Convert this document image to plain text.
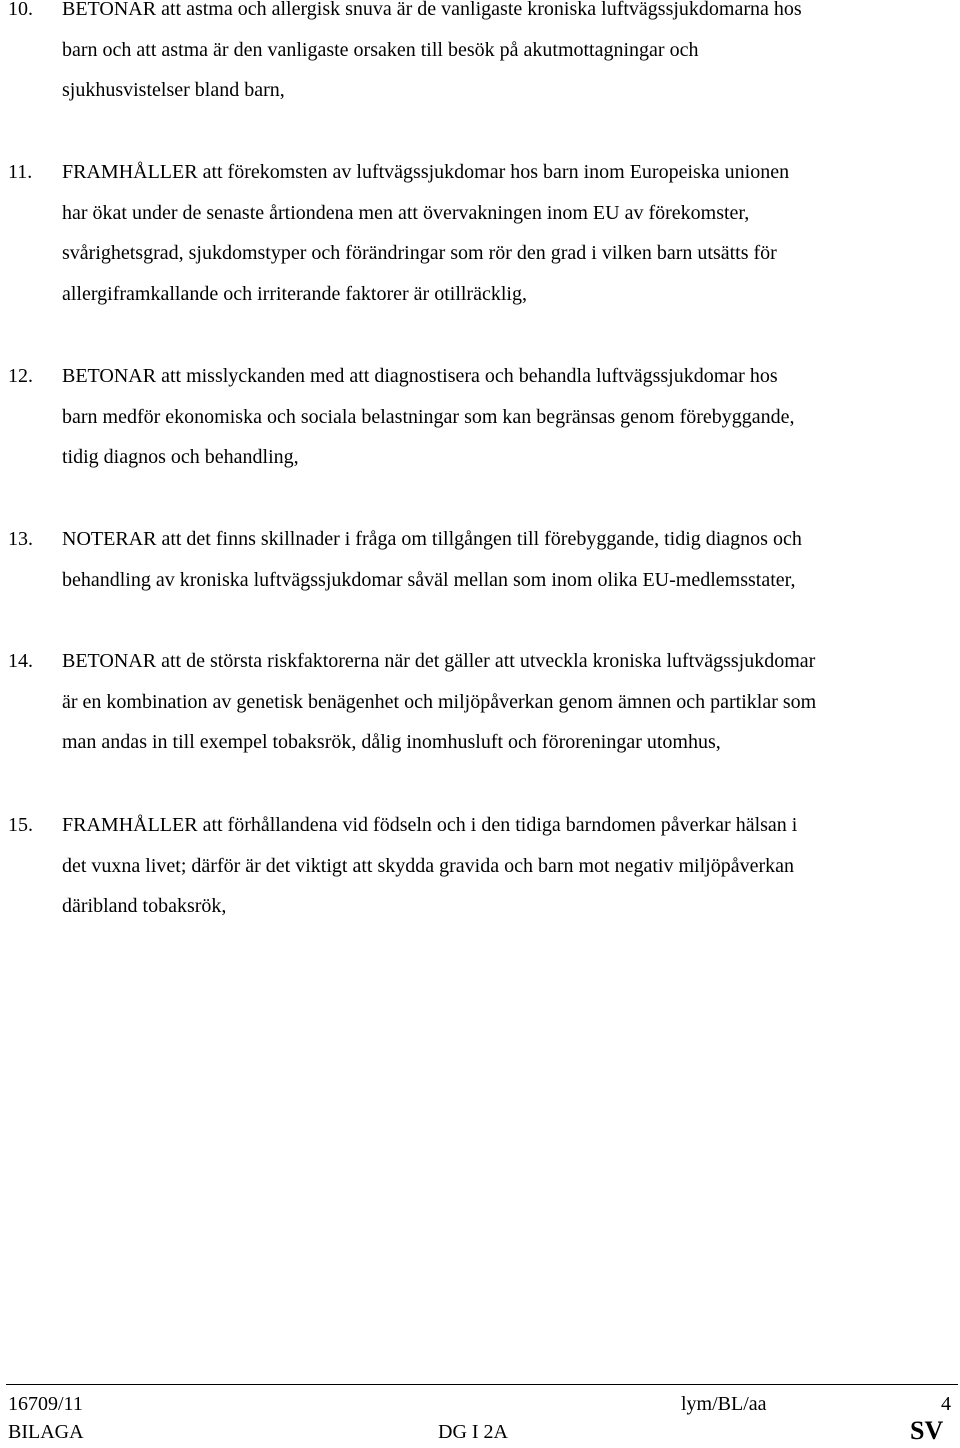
10. BETONAR att astma och allergisk snuva är de vanligaste kroniska luftvägssjukdomarna hos
barn och att astma är den vanligaste orsaken till besök på akutmottagningar och
sjukhusvistelser bland barn,
11. FRAMHÅLLER att förekomsten av luftvägssjukdomar hos barn inom Europeiska unionen
har ökat under de senaste årtiondena men att övervakningen inom EU av förekomster,
svårighetsgrad, sjukdomstyper och förändringar som rör den grad i vilken barn utsätts för
allergiframkallande och irriterande faktorer är otillräcklig,
12. BETONAR att misslyckanden med att diagnostisera och behandla luftvägssjukdomar hos
barn medför ekonomiska och sociala belastningar som kan begränsas genom förebyggande,
tidig diagnos och behandling,
13. NOTERAR att det finns skillnader i fråga om tillgången till förebyggande, tidig diagnos och
behandling av kroniska luftvägssjukdomar såväl mellan som inom olika EU-medlemsstater,
14. BETONAR att de största riskfaktorerna när det gäller att utveckla kroniska luftvägssjukdomar
är en kombination av genetisk benägenhet och miljöpåverkan genom ämnen och partiklar som
man andas in till exempel tobaksrök, dålig inomhusluft och föroreningar utomhus,
15. FRAMHÅLLER att förhållandena vid födseln och i den tidiga barndomen påverkar hälsan i
det vuxna livet; därför är det viktigt att skydda gravida och barn mot negativ miljöpåverkan
däribland tobaksrök,
16709/11	lym/BL/aa	4
BILAGA	DG I 2A	SV
